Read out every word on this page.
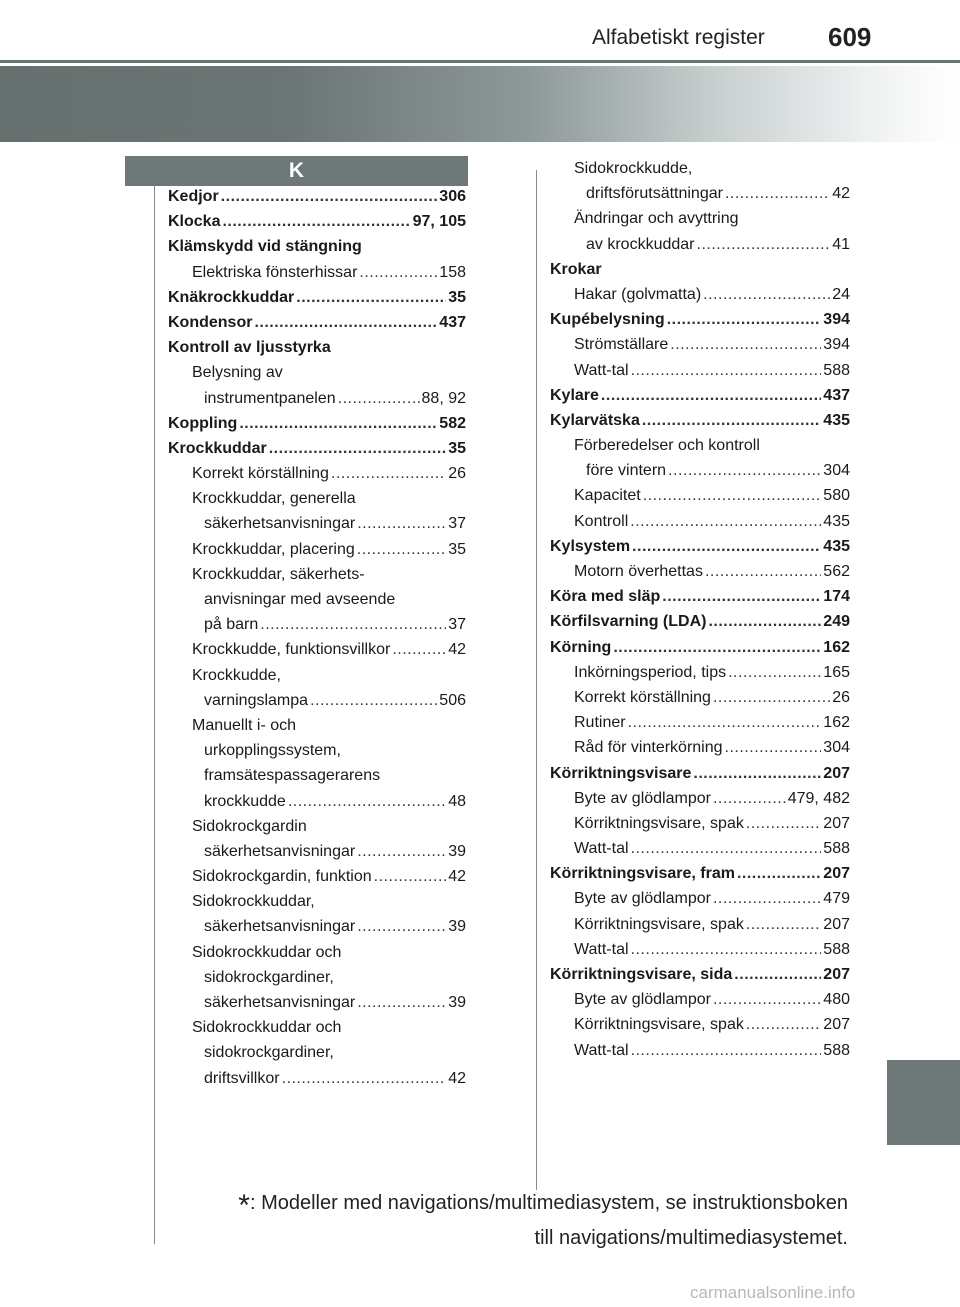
Alfabetiskt register 609
K
Kedjor .....	306
Klocka .....	97, 105
Klämskydd vid stängning
Elektriska fönsterhissar .....	158
Knäkrockkuddar .....	35
Kondensor .....	437
Kontroll av ljusstyrka
Belysning av
instrumentpanelen .....	88, 92
Koppling .....	582
Krockkuddar .....	35
Korrekt körställning .....	26
Krockkuddar, generella
säkerhetsanvisningar .....	37
Krockkuddar, placering .....	35
Krockkuddar, säkerhets-
anvisningar med avseende
på barn .....	37
Krockkudde, funktionsvillkor .....	42
Krockkudde,
varningslampa .....	506
Manuellt i- och
urkopplingssystem,
framsätespassagerarens
krockkudde .....	48
Sidokrockgardin
säkerhetsanvisningar .....	39
Sidokrockgardin, funktion .....	42
Sidokrockkuddar,
säkerhetsanvisningar .....	39
Sidokrockkuddar och
sidokrockgardiner,
säkerhetsanvisningar .....	39
Sidokrockkuddar och
sidokrockgardiner,
driftsvillkor .....	42
Sidokrockkudde,
driftsförutsättningar .....	42
Ändringar och avyttring
av krockkuddar .....	41
Krokar
Hakar (golvmatta) .....	24
Kupébelysning .....	394
Strömställare .....	394
Watt-tal .....	588
Kylare .....	437
Kylarvätska .....	435
Förberedelser och kontroll
före vintern .....	304
Kapacitet .....	580
Kontroll .....	435
Kylsystem .....	435
Motorn överhettas .....	562
Köra med släp .....	174
Körfilsvarning (LDA) .....	249
Körning .....	162
Inkörningsperiod, tips .....	165
Korrekt körställning .....	26
Rutiner .....	162
Råd för vinterkörning .....	304
Körriktningsvisare .....	207
Byte av glödlampor .....	479, 482
Körriktningsvisare, spak .....	207
Watt-tal .....	588
Körriktningsvisare, fram .....	207
Byte av glödlampor .....	479
Körriktningsvisare, spak .....	207
Watt-tal .....	588
Körriktningsvisare, sida .....	207
Byte av glödlampor .....	480
Körriktningsvisare, spak .....	207
Watt-tal .....	588
*: Modeller med navigations/multimediasystem, se instruktionsboken
till navigations/multimediasystemet.
carmanualsonline.info
